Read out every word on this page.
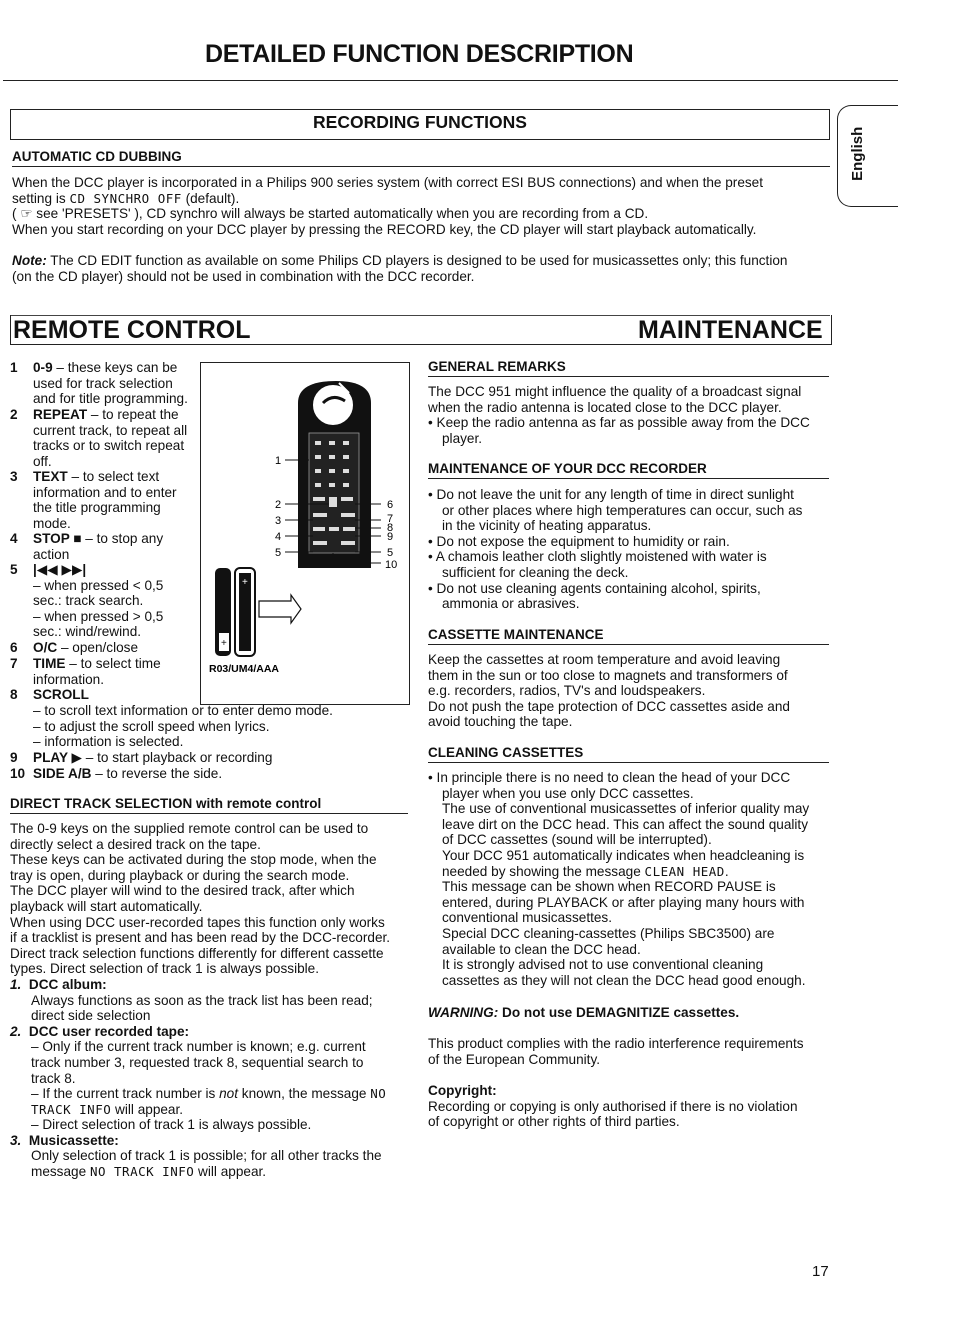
DETAILED FUNCTION DESCRIPTION
English
RECORDING FUNCTIONS
AUTOMATIC CD DUBBING

When the DCC player is incorporated in a Philips 900 series system (with correct ESI BUS connections) and when the preset

setting is CD SYNCHRO OFF (default).

( ☞ see 'PRESETS' ), CD synchro will always be started automatically when you are recording from a CD.

When you start recording on your DCC player by pressing the RECORD key, the CD player will start playback automatically.

Note: The CD EDIT function as available on some Philips CD players is designed to be used for musicassettes only; this function

(on the CD player) should not be used in combination with the DCC recorder.

REMOTE CONTROL	MAINTENANCE
1 0-9 – these keys can be
used for track selection
and for title programming.
2 REPEAT – to repeat the
current track, to repeat all
tracks or to switch repeat
off.
3 TEXT – to select text
information and to enter
the title programming
mode.
4 STOP ■ – to stop any
action
5 |◀◀ ▶▶|
– when pressed < 0,5
sec.: track search.
– when pressed > 0,5
sec.: wind/rewind.
6 O/C – open/close
7 TIME – to select time
information.
8 SCROLL

– to scroll text information or to enter demo mode.

– to adjust the scroll speed when lyrics.

– information is selected.

9 PLAY ▶ – to start playback or recording
10 SIDE A/B – to reverse the side.
1
2
3
4
5
6
7
8
9
5
10
+
+
R03/UM4/AAA
DIRECT TRACK SELECTION with remote control

The 0-9 keys on the supplied remote control can be used to

directly select a desired track on the tape.

These keys can be activated during the stop mode, when the

tray is open, during playback or during the search mode.

The DCC player will wind to the desired track, after which

playback will start automatically.

When using DCC user-recorded tapes this function only works

if a tracklist is present and has been read by the DCC-recorder.

Direct track selection functions differently for different cassette

types. Direct selection of track 1 is always possible.

1. DCC album:

Always functions as soon as the track list has been read;

direct side selection

2. DCC user recorded tape:

– Only if the current track number is known; e.g. current

track number 3, requested track 8, sequential search to

track 8.

– If the current track number is not known, the message NO

TRACK INFO will appear.

– Direct selection of track 1 is always possible.

3. Musicassette:

Only selection of track 1 is possible; for all other tracks the

message NO TRACK INFO will appear.

GENERAL REMARKS

The DCC 951 might influence the quality of a broadcast signal

when the radio antenna is located close to the DCC player.

• Keep the radio antenna as far as possible away from the DCC

player.

MAINTENANCE OF YOUR DCC RECORDER

• Do not leave the unit for any length of time in direct sunlight

or other places where high temperatures can occur, such as

in the vicinity of heating apparatus.

• Do not expose the equipment to humidity or rain.

• A chamois leather cloth slightly moistened with water is

sufficient for cleaning the deck.

• Do not use cleaning agents containing alcohol, spirits,

ammonia or abrasives.

CASSETTE MAINTENANCE

Keep the cassettes at room temperature and avoid leaving

them in the sun or too close to magnets and transformers of

e.g. recorders, radios, TV's and loudspeakers.

Do not push the tape protection of DCC cassettes aside and

avoid touching the tape.

CLEANING CASSETTES

• In principle there is no need to clean the head of your DCC

player when you use only DCC cassettes.

The use of conventional musicassettes of inferior quality may

leave dirt on the DCC head. This can affect the sound quality

of DCC cassettes (sound will be interrupted).

Your DCC 951 automatically indicates when headcleaning is

needed by showing the message CLEAN HEAD.

This message can be shown when RECORD PAUSE is

entered, during PLAYBACK or after playing many hours with

conventional musicassettes.

Special DCC cleaning-cassettes (Philips SBC3500) are

available to clean the DCC head.

It is strongly advised not to use conventional cleaning

cassettes as they will not clean the DCC head good enough.

WARNING: Do not use DEMAGNITIZE cassettes.

This product complies with the radio interference requirements

of the European Community.

Copyright:

Recording or copying is only authorised if there is no violation

of copyright or other rights of third parties.

17
